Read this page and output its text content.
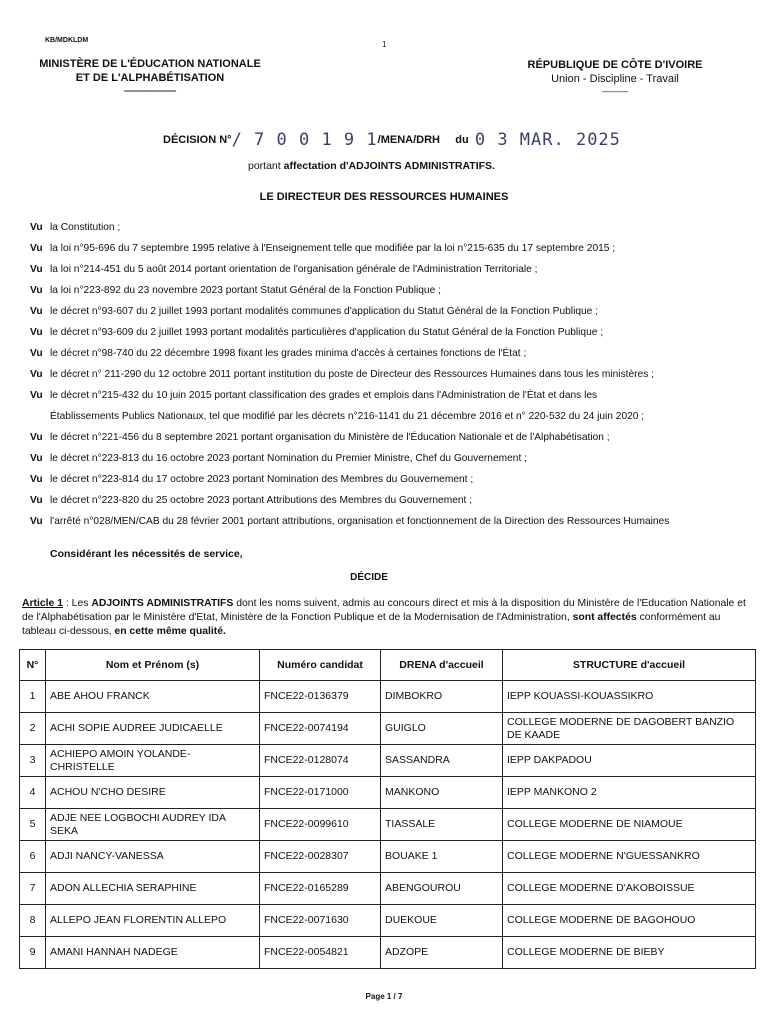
KB/MDKLDM	1
MINISTÈRE DE L'ÉDUCATION NATIONALE
ET DE L'ALPHABÉTISATION
------------------------
RÉPUBLIQUE DE CÔTE D'IVOIRE
Union - Discipline - Travail
------------
DÉCISION N°/ 7 0 0 1 9 1/MENA/DRH du 0 3 MAR. 2025
portant affectation d'ADJOINTS ADMINISTRATIFS.
LE DIRECTEUR DES RESSOURCES HUMAINES
Vu la Constitution ;
Vu la loi n°95-696 du 7 septembre 1995 relative à l'Enseignement telle que modifiée par la loi n°215-635 du 17 septembre 2015 ;
Vu la loi n°214-451 du 5 août 2014 portant orientation de l'organisation générale de l'Administration Territoriale ;
Vu la loi n°223-892 du 23 novembre 2023 portant Statut Général de la Fonction Publique ;
Vu le décret n°93-607 du 2 juillet 1993 portant modalités communes d'application du Statut Général de la Fonction Publique ;
Vu le décret n°93-609 du 2 juillet 1993 portant modalités particulières d'application du Statut Général de la Fonction Publique ;
Vu le décret n°98-740 du 22 décembre 1998 fixant les grades minima d'accès à certaines fonctions de l'État ;
Vu le décret n° 211-290 du 12 octobre 2011 portant institution du poste de Directeur des Ressources Humaines dans tous les ministères ;
Vu le décret n°215-432 du 10 juin 2015 portant classification des grades et emplois dans l'Administration de l'État et dans les
Établissements Publics Nationaux, tel que modifié par les décrets n°216-1141 du 21 décembre 2016 et n° 220-532 du 24 juin 2020 ;
Vu le décret n°221-456 du 8 septembre 2021 portant organisation du Ministère de l'Éducation Nationale et de l'Alphabétisation ;
Vu le décret n°223-813 du 16 octobre 2023 portant Nomination du Premier Ministre, Chef du Gouvernement ;
Vu le décret n°223-814 du 17 octobre 2023 portant Nomination des Membres du Gouvernement ;
Vu le décret n°223-820 du 25 octobre 2023 portant Attributions des Membres du Gouvernement ;
Vu l'arrêté n°028/MEN/CAB du 28 février 2001 portant attributions, organisation et fonctionnement de la Direction des Ressources Humaines
Considérant les nécessités de service,
DÉCIDE
Article 1 : Les ADJOINTS ADMINISTRATIFS dont les noms suivent, admis au concours direct et mis à la disposition du Ministère de l'Education Nationale et de l'Alphabétisation par le Ministère d'Etat, Ministère de la Fonction Publique et de la Modernisation de l'Administration, sont affectés conformément au tableau ci-dessous, en cette même qualité.
N°	Nom et Prénom (s)	Numéro candidat	DRENA d'accueil	STRUCTURE d'accueil
1	ABE AHOU FRANCK	FNCE22-0136379	DIMBOKRO	IEPP KOUASSI-KOUASSIKRO
2	ACHI SOPIE AUDREE JUDICAELLE	FNCE22-0074194	GUIGLO	COLLEGE MODERNE DE DAGOBERT BANZIO DE KAADE
3	ACHIEPO AMOIN YOLANDE-CHRISTELLE	FNCE22-0128074	SASSANDRA	IEPP DAKPADOU
4	ACHOU N'CHO DESIRE	FNCE22-0171000	MANKONO	IEPP MANKONO 2
5	ADJE NEE LOGBOCHI AUDREY IDA SEKA	FNCE22-0099610	TIASSALE	COLLEGE MODERNE DE NIAMOUE
6	ADJI NANCY-VANESSA	FNCE22-0028307	BOUAKE 1	COLLEGE MODERNE N'GUESSANKRO
7	ADON ALLECHIA SERAPHINE	FNCE22-0165289	ABENGOUROU	COLLEGE MODERNE D'AKOBOISSUE
8	ALLEPO JEAN FLORENTIN ALLEPO	FNCE22-0071630	DUEKOUE	COLLEGE MODERNE DE BAGOHOUO
9	AMANI HANNAH NADEGE	FNCE22-0054821	ADZOPE	COLLEGE MODERNE DE BIEBY
Page 1 / 7
